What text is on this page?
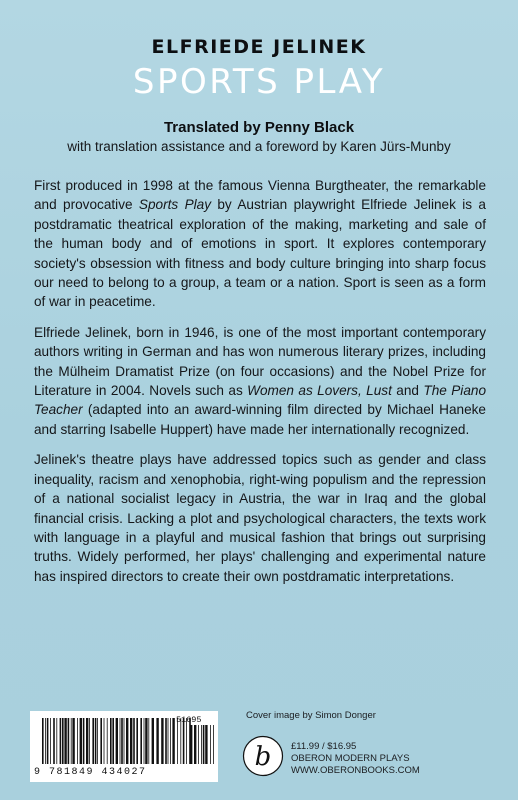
ELFRIEDE JELINEK
SPORTS PLAY
Translated by Penny Black
with translation assistance and a foreword by Karen Jürs-Munby

First produced in 1998 at the famous Vienna Burgtheater, the remarkable and provocative Sports Play by Austrian playwright Elfriede Jelinek is a postdramatic theatrical exploration of the making, marketing and sale of the human body and of emotions in sport. It explores contemporary society's obsession with fitness and body culture bringing into sharp focus our need to belong to a group, a team or a nation. Sport is seen as a form of war in peacetime.

Elfriede Jelinek, born in 1946, is one of the most important contemporary authors writing in German and has won numerous literary prizes, including the Mülheim Dramatist Prize (on four occasions) and the Nobel Prize for Literature in 2004. Novels such as Women as Lovers, Lust and The Piano Teacher (adapted into an award-winning film directed by Michael Haneke and starring Isabelle Huppert) have made her internationally recognized.

Jelinek's theatre plays have addressed topics such as gender and class inequality, racism and xenophobia, right-wing populism and the repression of a national socialist legacy in Austria, the war in Iraq and the global financial crisis. Lacking a plot and psychological characters, the texts work with language in a playful and musical fashion that brings out surprising truths. Widely performed, her plays' challenging and experimental nature has inspired directors to create their own postdramatic interpretations.

51695
9 781849 434027
Cover image by Simon Donger
b £11.99 / $16.95
OBERON MODERN PLAYS
WWW.OBERONBOOKS.COM
